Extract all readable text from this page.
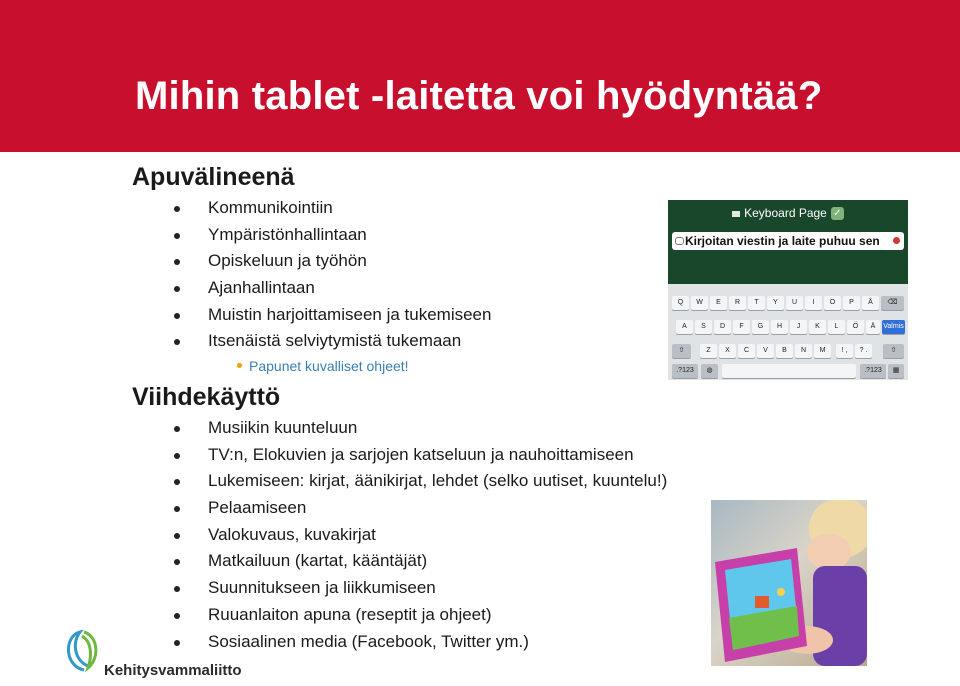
Mihin tablet -laitetta voi hyödyntää?
Apuvälineenä
Kommunikointiin
Ympäristönhallintaan
Opiskeluun ja työhön
Ajanhallintaan
Muistin harjoittamiseen ja tukemiseen
Itsenäistä selviytymistä tukemaan
Papunet kuvalliset ohjeet!
Viihdekäyttö
Musiikin kuunteluun
TV:n, Elokuvien ja sarjojen katseluun ja nauhoittamiseen
Lukemiseen: kirjat, äänikirjat, lehdet (selko uutiset, kuuntelu!)
Pelaamiseen
Valokuvaus, kuvakirjat
Matkailuun (kartat, kääntäjät)
Suunnitukseen ja liikkumiseen
Ruuanlaiton apuna (reseptit ja ohjeet)
Sosiaalinen media (Facebook, Twitter ym.)
Keyboard Page ✓
Kirjoitan viestin ja laite puhuu sen
Q	W	E	R	T	Y	U	I	O	P	Å	⌫
A	S	D	F	G	H	J	K	L	Ö	Ä	Valmis
⇧	Z	X	C	V	B	N	M	! ,	? .	⇧
.?123	◍	.?123	▦
Kehitysvammaliitto
